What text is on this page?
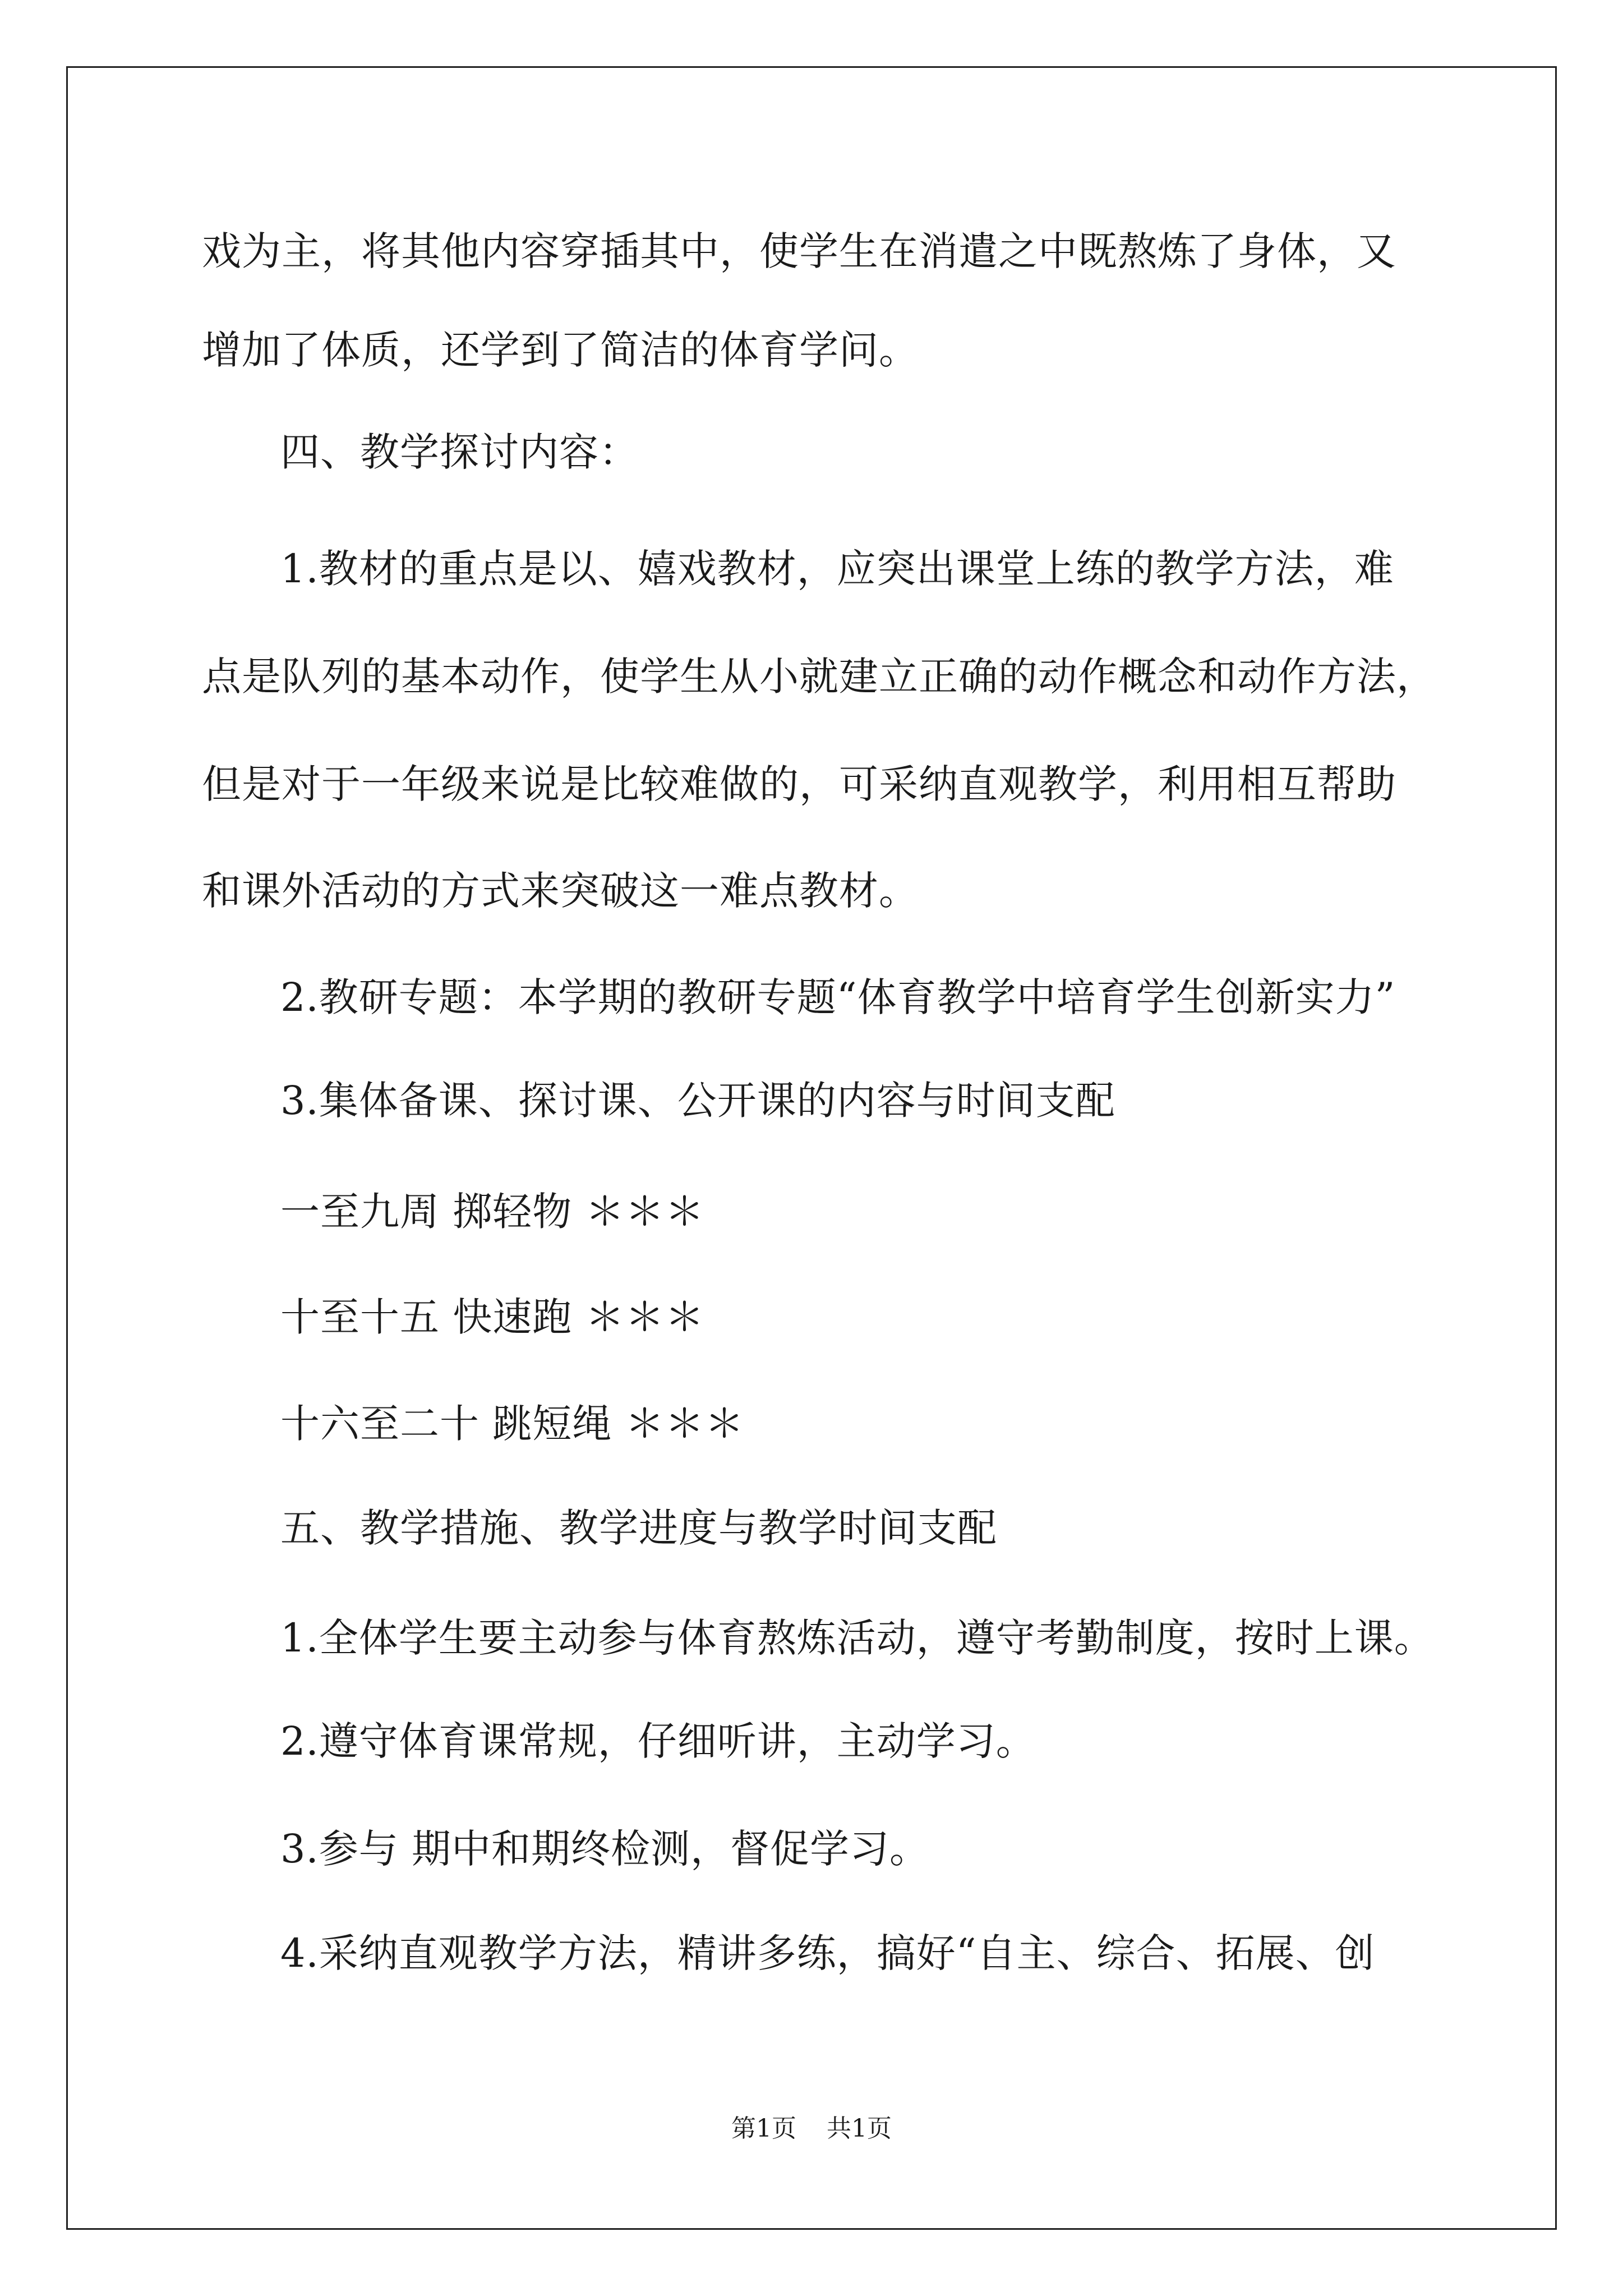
戏为主，将其他内容穿插其中，使学生在消遣之中既熬炼了身体，又
增加了体质，还学到了简洁的体育学问。
四、教学探讨内容：
1.教材的重点是以、嬉戏教材，应突出课堂上练的教学方法，难
点是队列的基本动作，使学生从小就建立正确的动作概念和动作方法，
但是对于一年级来说是比较难做的，可采纳直观教学，利用相互帮助
和课外活动的方式来突破这一难点教材。
2.教研专题：本学期的教研专题“体育教学中培育学生创新实力”
3.集体备课、探讨课、公开课的内容与时间支配
一至九周 掷轻物 ＊＊＊
十至十五 快速跑 ＊＊＊
十六至二十 跳短绳 ＊＊＊
五、教学措施、教学进度与教学时间支配
1.全体学生要主动参与体育熬炼活动，遵守考勤制度，按时上课。
2.遵守体育课常规，仔细听讲，主动学习。
3.参与 期中和期终检测，督促学习。
4.采纳直观教学方法，精讲多练，搞好“自主、综合、拓展、创
第1页 共1页
